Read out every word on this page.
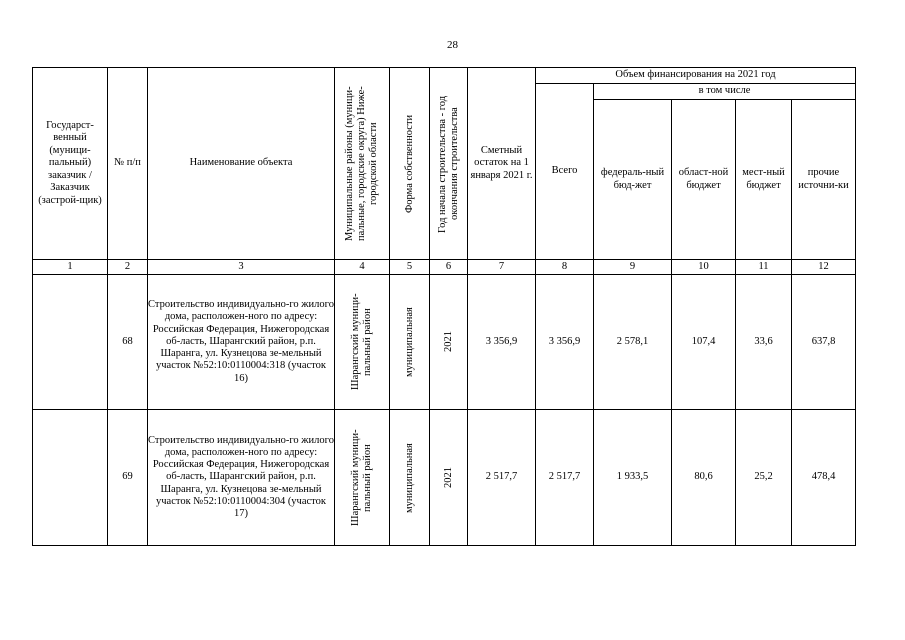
28
Государст-венный (муници-пальный) заказчик / Заказчик (застрой-щик)	№ п/п	Наименование объекта	Муниципальные районы (муници-пальные, городские округа) Ниже-городской области	Форма собственности	Год начала строительства - год окончания строительства	Сметный остаток на 1 января 2021 г.	Объем финансирования на 2021 год				
							Всего	в том числе			
								федераль-ный бюд-жет	област-ной бюджет	мест-ный бюджет	прочие источни-ки
1	2	3	4	5	6	7	8	9	10	11	12
	68	Строительство индивидуально-го жилого дома, расположен-ного по адресу: Российская Федерация, Нижегородская об-ласть, Шарангский район, р.п. Шаранга, ул. Кузнецова зе-мельный участок №52:10:0110004:318 (участок 16)	Шарангский муници-пальный район	муниципальная	2021	3 356,9	3 356,9	2 578,1	107,4	33,6	637,8
	69	Строительство индивидуально-го жилого дома, расположен-ного по адресу: Российская Федерация, Нижегородская об-ласть, Шарангский район, р.п. Шаранга, ул. Кузнецова зе-мельный участок №52:10:0110004:304 (участок 17)	Шарангский муници-пальный район	муниципальная	2021	2 517,7	2 517,7	1 933,5	80,6	25,2	478,4
